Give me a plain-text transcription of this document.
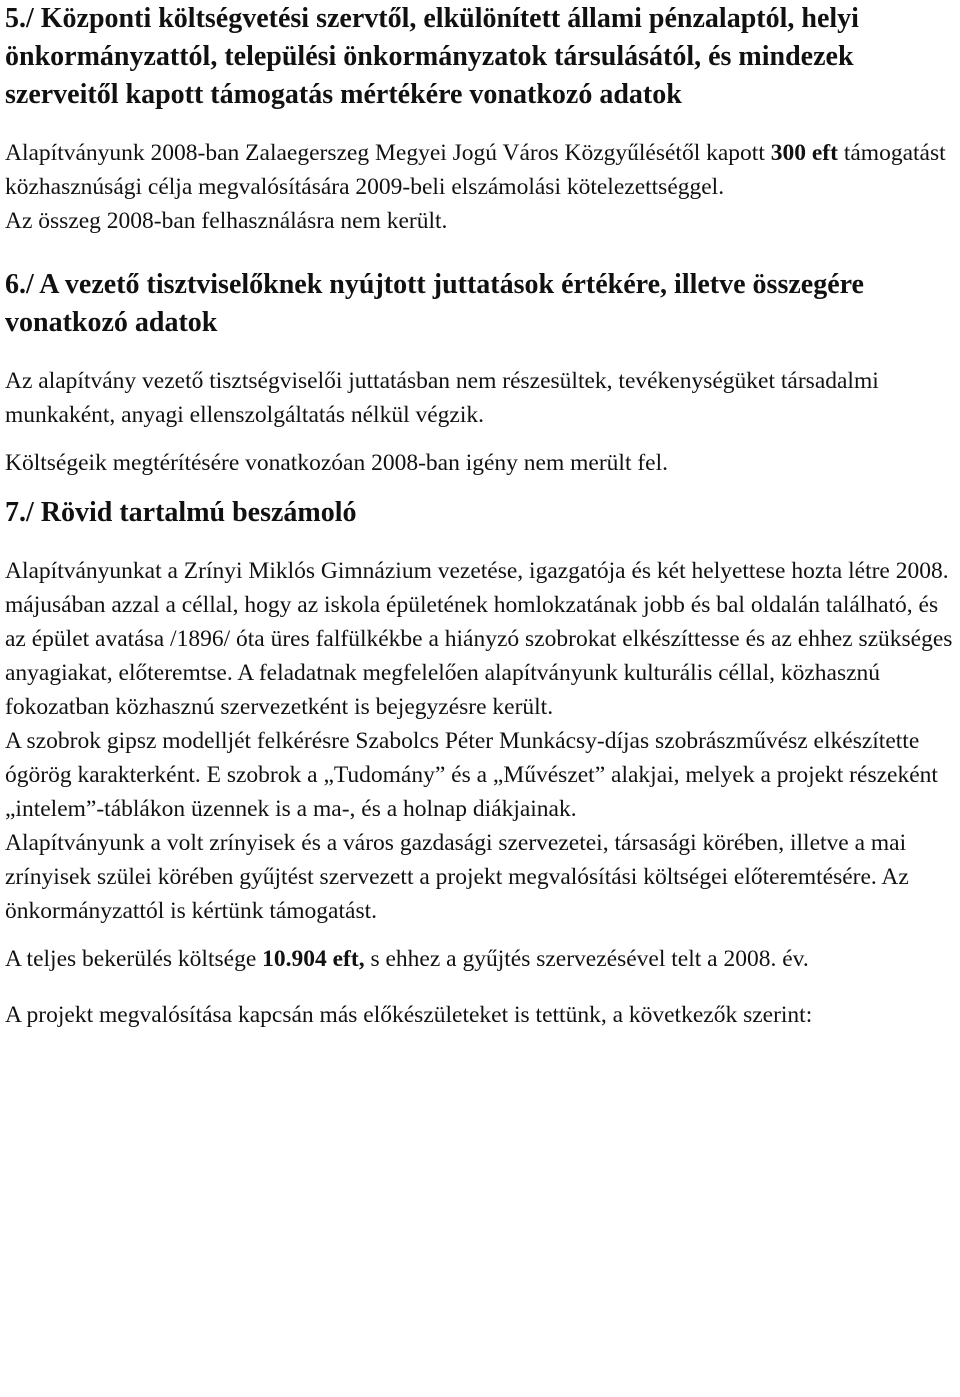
5./ Központi költségvetési szervtől, elkülönített állami pénzalaptól, helyi önkormányzattól, települési önkormányzatok társulásától, és mindezek szerveitől kapott támogatás mértékére vonatkozó adatok

Alapítványunk 2008-ban Zalaegerszeg Megyei Jogú Város Közgyűlésétől kapott 300 eft támogatást közhasznúsági célja megvalósítására 2009-beli elszámolási kötelezettséggel.

Az összeg 2008-ban felhasználásra nem került.

6./ A vezető tisztviselőknek nyújtott juttatások értékére, illetve összegére vonatkozó adatok

Az alapítvány vezető tisztségviselői juttatásban nem részesültek, tevékenységüket társadalmi munkaként, anyagi ellenszolgáltatás nélkül végzik.

Költségeik megtérítésére vonatkozóan 2008-ban igény nem merült fel.

7./ Rövid tartalmú beszámoló

Alapítványunkat a Zrínyi Miklós Gimnázium vezetése, igazgatója és két helyettese hozta létre 2008. májusában azzal a céllal, hogy az iskola épületének homlokzatának jobb és bal oldalán található, és az épület avatása /1896/ óta üres falfülkékbe a hiányzó szobrokat elkészíttesse és az ehhez szükséges anyagiakat, előteremtse. A feladatnak megfelelően alapítványunk kulturális céllal, közhasznú fokozatban közhasznú szervezetként is bejegyzésre került.

A szobrok gipsz modelljét felkérésre Szabolcs Péter Munkácsy-díjas szobrászművész elkészítette ógörög karakterként. E szobrok a „Tudomány” és a „Művészet” alakjai, melyek a projekt részeként „intelem”-táblákon üzennek is a ma-, és a holnap diákjainak.

Alapítványunk a volt zrínyisek és a város gazdasági szervezetei, társasági körében, illetve a mai zrínyisek szülei körében gyűjtést szervezett a projekt megvalósítási költségei előteremtésére. Az önkormányzattól is kértünk támogatást.

A teljes bekerülés költsége 10.904 eft, s ehhez a gyűjtés szervezésével telt a 2008. év.

A projekt megvalósítása kapcsán más előkészületeket is tettünk, a következők szerint:
